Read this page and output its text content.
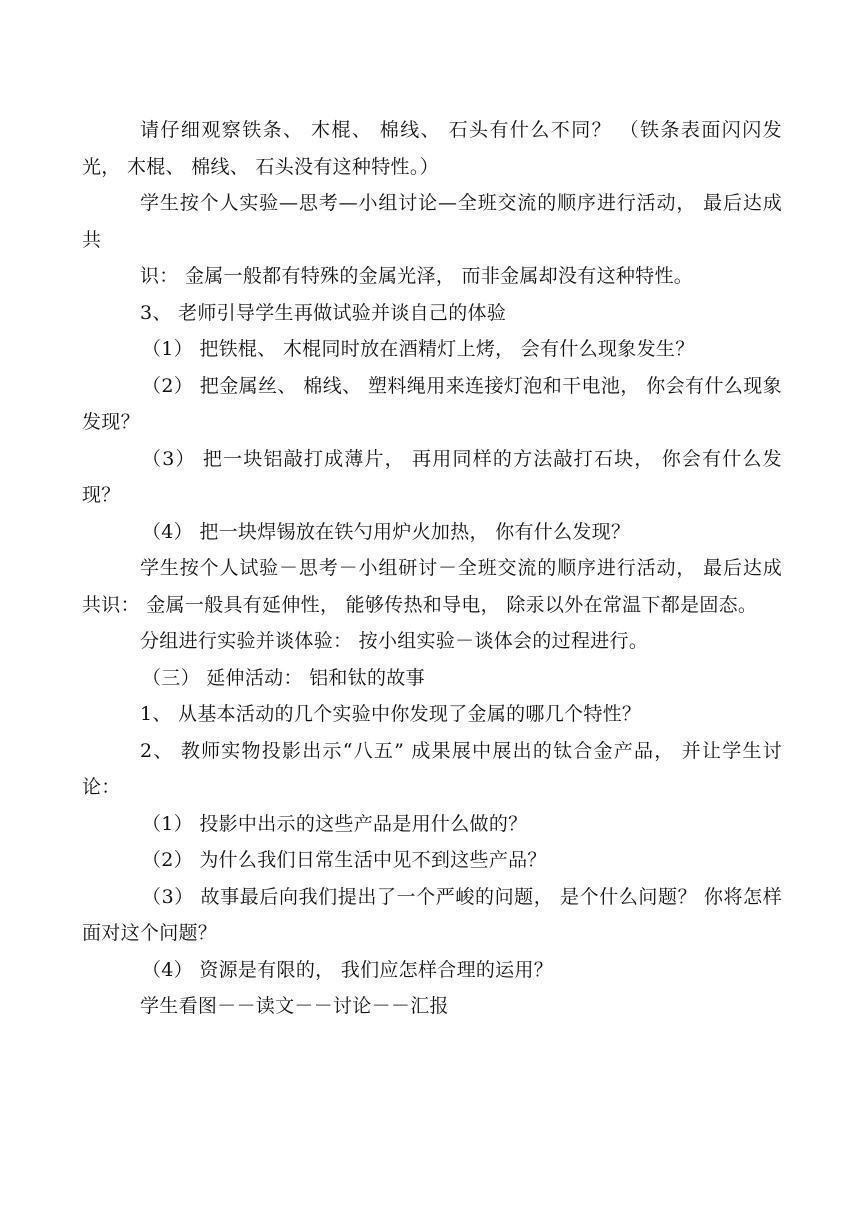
请仔细观察铁条、 木棍、 棉线、 石头有什么不同？ （铁条表面闪闪发光， 木棍、 棉线、 石头没有这种特性。）

学生按个人实验—思考—小组讨论—全班交流的顺序进行活动， 最后达成共

识： 金属一般都有特殊的金属光泽， 而非金属却没有这种特性。

3、 老师引导学生再做试验并谈自己的体验

（1） 把铁棍、 木棍同时放在酒精灯上烤， 会有什么现象发生？

（2） 把金属丝、 棉线、 塑料绳用来连接灯泡和干电池， 你会有什么现象发现？

（3） 把一块铝敲打成薄片， 再用同样的方法敲打石块， 你会有什么发现？

（4） 把一块焊锡放在铁勺用炉火加热， 你有什么发现？

学生按个人试验－思考－小组研讨－全班交流的顺序进行活动， 最后达成共识： 金属一般具有延伸性， 能够传热和导电， 除汞以外在常温下都是固态。

分组进行实验并谈体验： 按小组实验－谈体会的过程进行。

（三） 延伸活动： 铝和钛的故事

1、 从基本活动的几个实验中你发现了金属的哪几个特性？

2、 教师实物投影出示“八五” 成果展中展出的钛合金产品， 并让学生讨论：

（1） 投影中出示的这些产品是用什么做的？

（2） 为什么我们日常生活中见不到这些产品？

（3） 故事最后向我们提出了一个严峻的问题， 是个什么问题？ 你将怎样面对这个问题？

（4） 资源是有限的， 我们应怎样合理的运用？

学生看图－－读文－－讨论－－汇报
